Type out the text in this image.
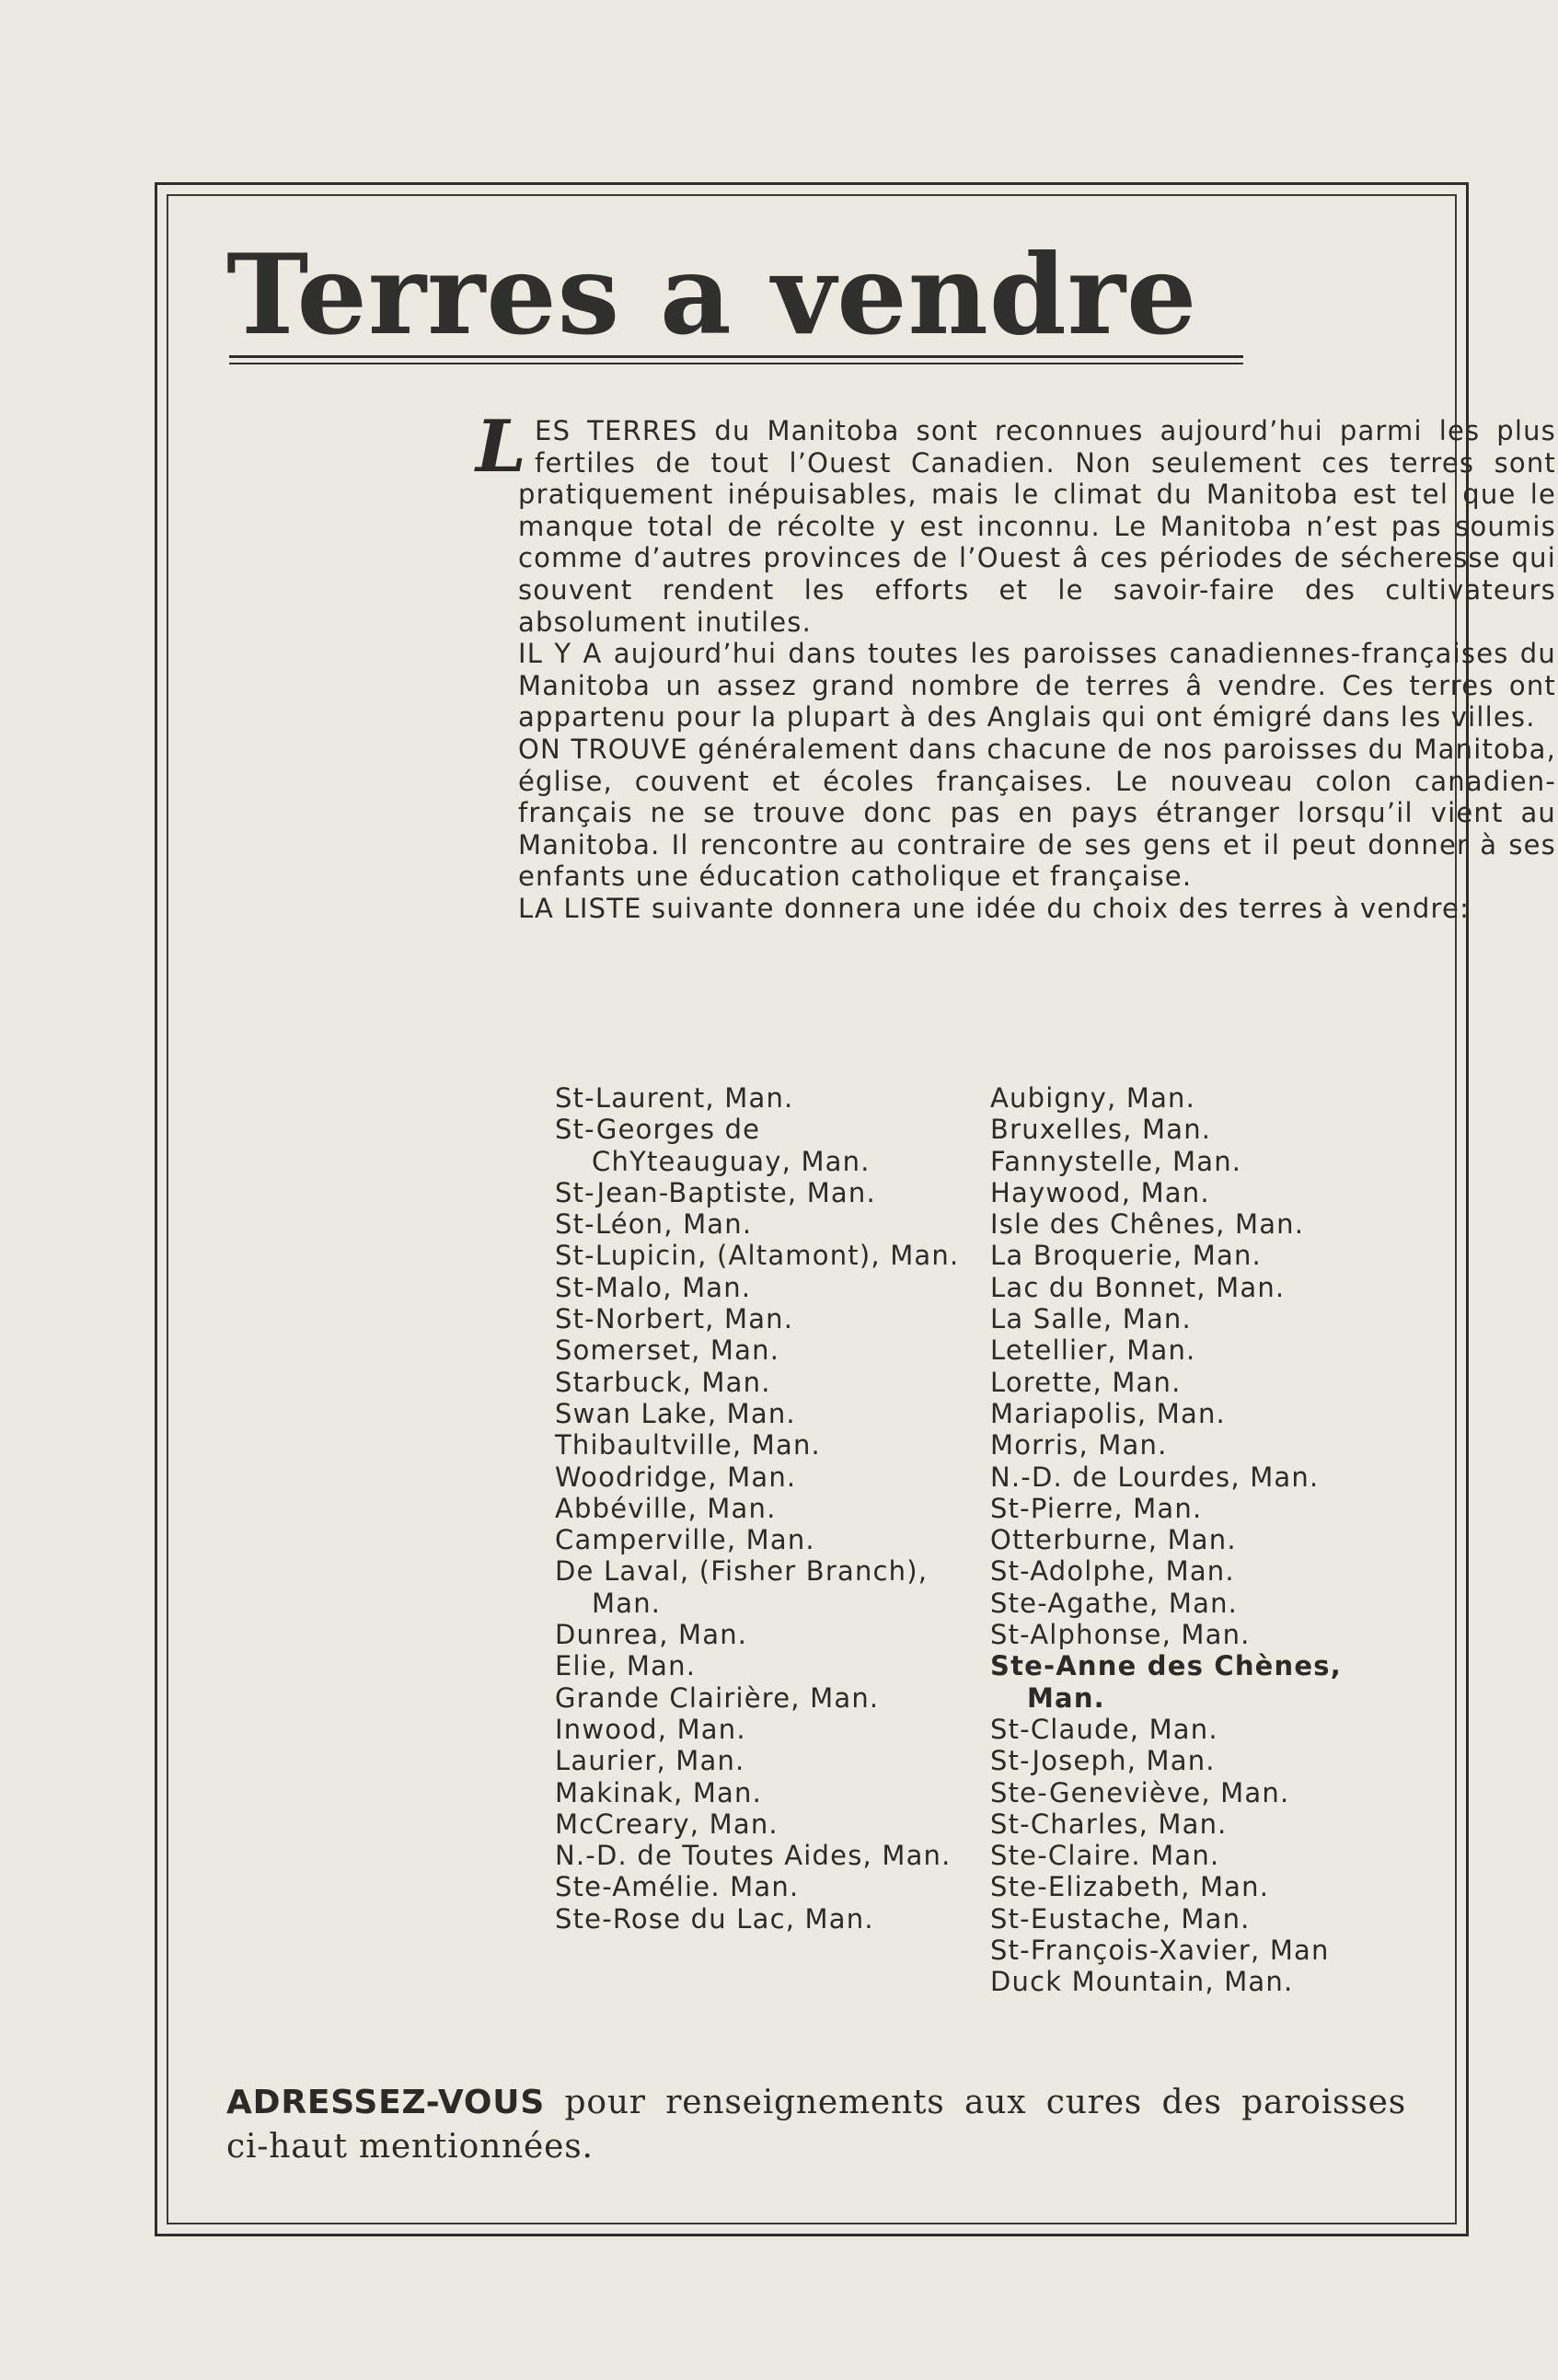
Terres a vendre

LES TERRES du Manitoba sont reconnues aujourd’hui parmi les plus fertiles de tout l’Ouest Canadien. Non seulement ces terres sont pratiquement inépuisables, mais le climat du Manitoba est tel que le manque total de récolte y est inconnu. Le Manitoba n’est pas soumis comme d’autres provinces de l’Ouest â ces périodes de sécheresse qui souvent rendent les efforts et le savoir-faire des cultivateurs absolument inutiles.

IL Y A aujourd’hui dans toutes les paroisses canadiennes-françaises du Manitoba un assez grand nombre de terres â vendre. Ces terres ont appartenu pour la plupart à des Anglais qui ont émigré dans les villes.

ON TROUVE généralement dans chacune de nos paroisses du Manitoba, église, couvent et écoles françaises. Le nouveau colon canadien-français ne se trouve donc pas en pays étranger lorsqu’il vient au Manitoba. Il rencontre au contraire de ses gens et il peut donner à ses enfants une éducation catholique et française.

LA LISTE suivante donnera une idée du choix des terres à vendre:

St-Laurent, Man.
St-Georges de ChYteauguay, Man.
St-Jean-Baptiste, Man.
St-Léon, Man.
St-Lupicin, (Altamont), Man.
St-Malo, Man.
St-Norbert, Man.
Somerset, Man.
Starbuck, Man.
Swan Lake, Man.
Thibaultville, Man.
Woodridge, Man.
Abbéville, Man.
Camperville, Man.
De Laval, (Fisher Branch), Man.
Dunrea, Man.
Elie, Man.
Grande Clairière, Man.
Inwood, Man.
Laurier, Man.
Makinak, Man.
McCreary, Man.
N.-D. de Toutes Aides, Man.
Ste-Amélie. Man.
Ste-Rose du Lac, Man.
Aubigny, Man.
Bruxelles, Man.
Fannystelle, Man.
Haywood, Man.
Isle des Chênes, Man.
La Broquerie, Man.
Lac du Bonnet, Man.
La Salle, Man.
Letellier, Man.
Lorette, Man.
Mariapolis, Man.
Morris, Man.
N.-D. de Lourdes, Man.
St-Pierre, Man.
Otterburne, Man.
St-Adolphe, Man.
Ste-Agathe, Man.
St-Alphonse, Man.
Ste-Anne des Chènes, Man.
St-Claude, Man.
St-Joseph, Man.
Ste-Geneviève, Man.
St-Charles, Man.
Ste-Claire. Man.
Ste-Elizabeth, Man.
St-Eustache, Man.
St-François-Xavier, Man
Duck Mountain, Man.

ADRESSEZ-VOUS pour renseignements aux cures des paroisses ci-haut mentionnées.
